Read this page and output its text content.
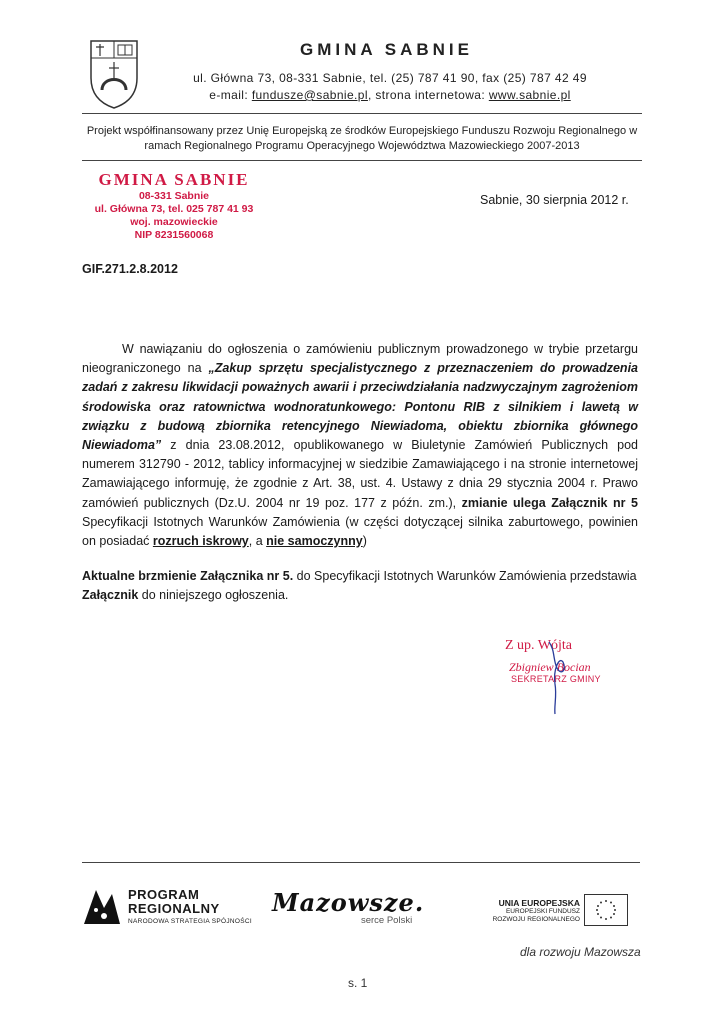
GMINA SABNIE
ul. Główna 73, 08-331 Sabnie, tel. (25) 787 41 90, fax (25) 787 42 49
e-mail: fundusze@sabnie.pl, strona internetowa: www.sabnie.pl
Projekt współfinansowany przez Unię Europejską ze środków Europejskiego Funduszu Rozwoju Regionalnego w ramach Regionalnego Programu Operacyjnego Województwa Mazowieckiego 2007-2013
GMINA SABNIE
08-331 Sabnie
ul. Główna 73, tel. 025 787 41 93
woj. mazowieckie
NIP 8231560068
Sabnie, 30 sierpnia 2012 r.
GIF.271.2.8.2012

W nawiązaniu do ogłoszenia o zamówieniu publicznym prowadzonego w trybie przetargu nieograniczonego na „Zakup sprzętu specjalistycznego z przeznaczeniem do prowadzenia zadań z zakresu likwidacji poważnych awarii i przeciwdziałania nadzwyczajnym zagrożeniom środowiska oraz ratownictwa wodnoratunkowego: Pontonu RIB z silnikiem i lawetą w związku z budową zbiornika retencyjnego Niewiadoma, obiektu zbiornika głównego Niewiadoma” z dnia 23.08.2012, opublikowanego w Biuletynie Zamówień Publicznych pod numerem 312790 - 2012, tablicy informacyjnej w siedzibie Zamawiającego i na stronie internetowej Zamawiającego informuję, że zgodnie z Art. 38, ust. 4. Ustawy z dnia 29 stycznia 2004 r. Prawo zamówień publicznych (Dz.U. 2004 nr 19 poz. 177 z późn. zm.), zmianie ulega Załącznik nr 5 Specyfikacji Istotnych Warunków Zamówienia (w części dotyczącej silnika zaburtowego, powinien on posiadać rozruch iskrowy, a nie samoczynny)

Aktualne brzmienie Załącznika nr 5. do Specyfikacji Istotnych Warunków Zamówienia przedstawia Załącznik do niniejszego ogłoszenia.
Z up. Wójta
Zbigniew Bocian
SEKRETARZ GMINY
PROGRAM
REGIONALNY
NARODOWA STRATEGIA SPÓJNOŚCI
Mazowsze.
serce Polski
UNIA EUROPEJSKA
EUROPEJSKI FUNDUSZ
ROZWOJU REGIONALNEGO
dla rozwoju Mazowsza
s. 1
